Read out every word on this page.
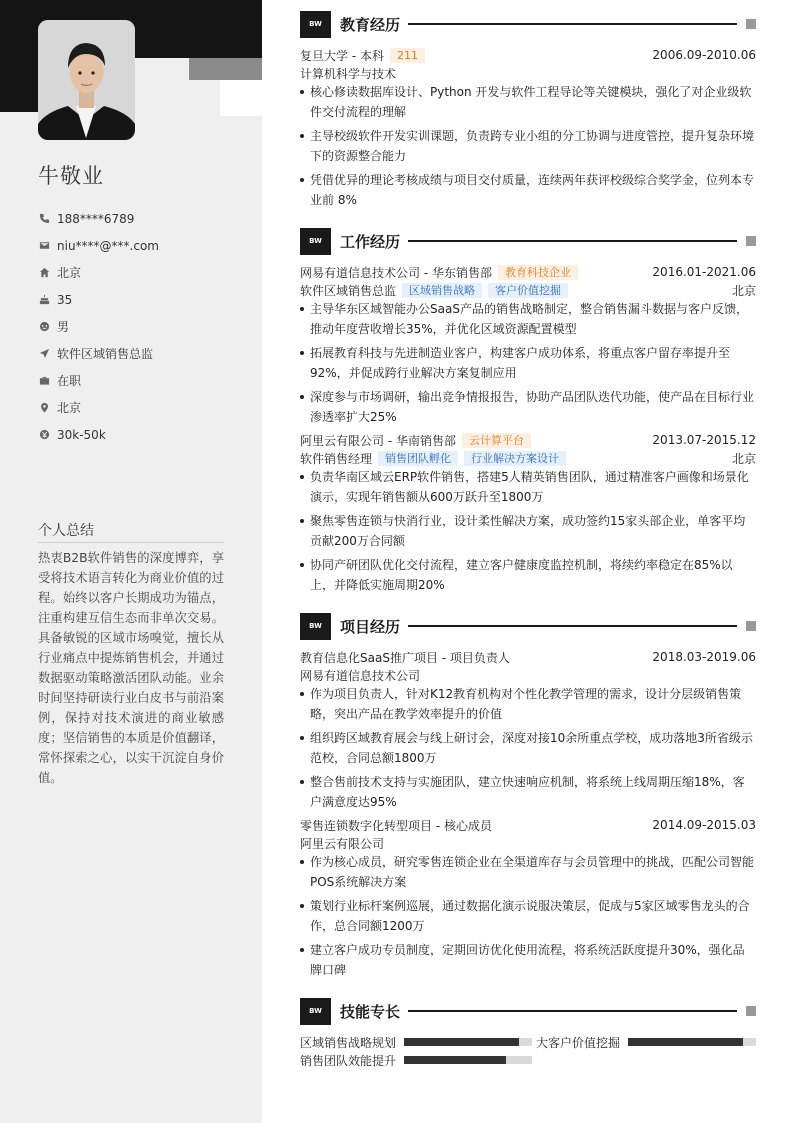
牛敬业
188****6789
niu****@***.com
北京
35
男
软件区域销售总监
在职
北京
30k-50k
个人总结
热衷B2B软件销售的深度博弈，享受将技术语言转化为商业价值的过程。始终以客户长期成功为锚点，注重构建互信生态而非单次交易。具备敏锐的区域市场嗅觉，擅长从行业痛点中提炼销售机会，并通过数据驱动策略激活团队动能。业余时间坚持研读行业白皮书与前沿案例，保持对技术演进的商业敏感度；坚信销售的本质是价值翻译，常怀探索之心，以实干沉淀自身价值。
BW	教育经历
复旦大学 - 本科	211	2006.09-2010.06
计算机科学与技术
核心修读数据库设计、Python 开发与软件工程导论等关键模块，强化了对企业级软件交付流程的理解
主导校级软件开发实训课题，负责跨专业小组的分工协调与进度管控，提升复杂环境下的资源整合能力
凭借优异的理论考核成绩与项目交付质量，连续两年获评校级综合奖学金，位列本专业前 8%
BW	工作经历
网易有道信息技术公司 - 华东销售部	教育科技企业	2016.01-2021.06
软件区域销售总监	区域销售战略	客户价值挖掘	北京
主导华东区域智能办公SaaS产品的销售战略制定，整合销售漏斗数据与客户反馈，推动年度营收增长35%，并优化区域资源配置模型
拓展教育科技与先进制造业客户，构建客户成功体系，将重点客户留存率提升至92%，并促成跨行业解决方案复制应用
深度参与市场调研，输出竞争情报报告，协助产品团队迭代功能，使产品在目标行业渗透率扩大25%
阿里云有限公司 - 华南销售部	云计算平台	2013.07-2015.12
软件销售经理	销售团队孵化	行业解决方案设计	北京
负责华南区域云ERP软件销售，搭建5人精英销售团队，通过精准客户画像和场景化演示，实现年销售额从600万跃升至1800万
聚焦零售连锁与快消行业，设计柔性解决方案，成功签约15家头部企业，单客平均贡献200万合同额
协同产研团队优化交付流程，建立客户健康度监控机制，将续约率稳定在85%以上，并降低实施周期20%
BW	项目经历
教育信息化SaaS推广项目 - 项目负责人	2018.03-2019.06
网易有道信息技术公司
作为项目负责人，针对K12教育机构对个性化教学管理的需求，设计分层级销售策略，突出产品在教学效率提升的价值
组织跨区域教育展会与线上研讨会，深度对接10余所重点学校，成功落地3所省级示范校，合同总额1800万
整合售前技术支持与实施团队，建立快速响应机制，将系统上线周期压缩18%，客户满意度达95%
零售连锁数字化转型项目 - 核心成员	2014.09-2015.03
阿里云有限公司
作为核心成员，研究零售连锁企业在全渠道库存与会员管理中的挑战，匹配公司智能POS系统解决方案
策划行业标杆案例巡展，通过数据化演示说服决策层，促成与5家区域零售龙头的合作，总合同额1200万
建立客户成功专员制度，定期回访优化使用流程，将系统活跃度提升30%，强化品牌口碑
BW	技能专长
区域销售战略规划	大客户价值挖掘
销售团队效能提升
